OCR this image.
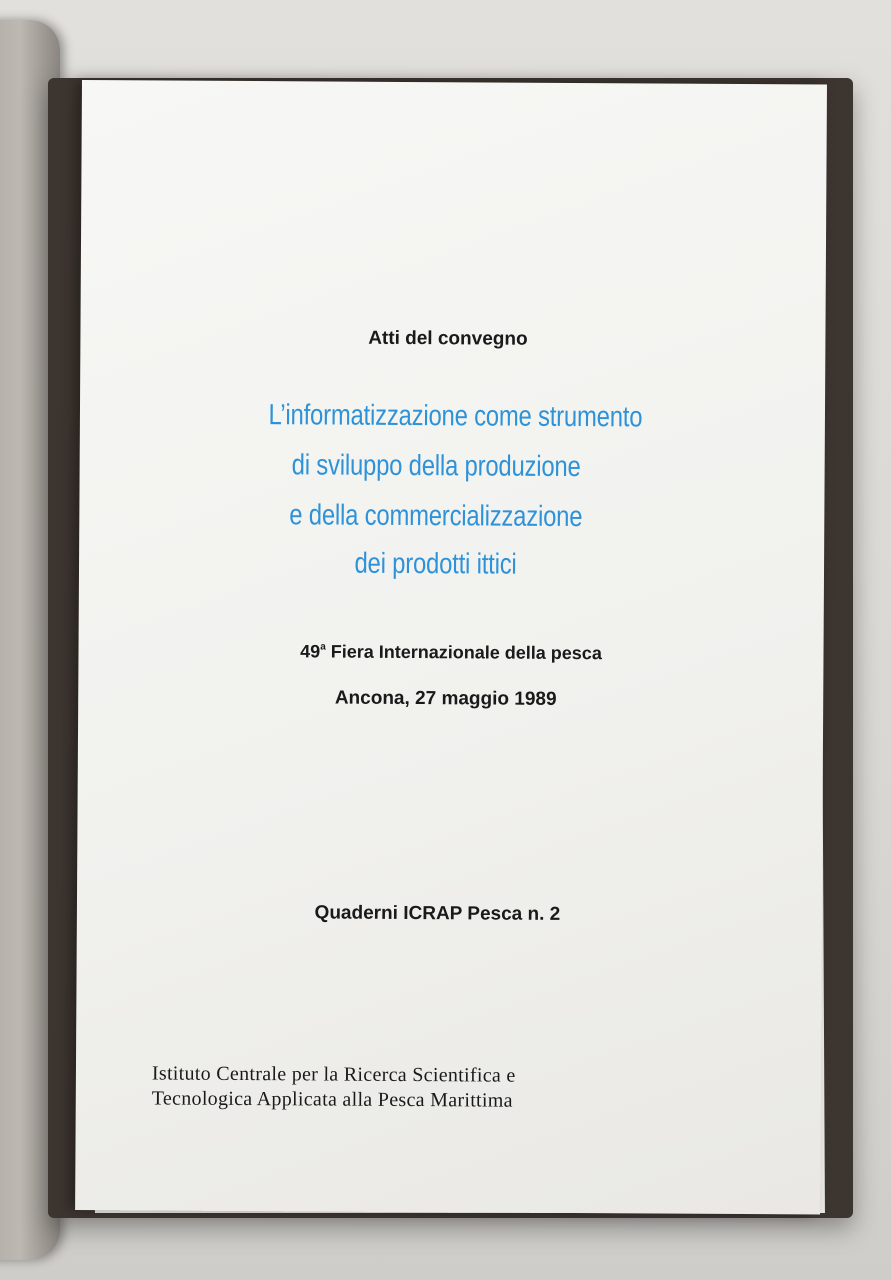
Atti del convegno
L’informatizzazione come strumento
di sviluppo della produzione
e della commercializzazione
dei prodotti ittici
49$^a$ Fiera Internazionale della pesca
Ancona, 27 maggio 1989
Quaderni ICRAP Pesca n. 2
Istituto Centrale per la Ricerca Scientifica e
Tecnologica Applicata alla Pesca Marittima
